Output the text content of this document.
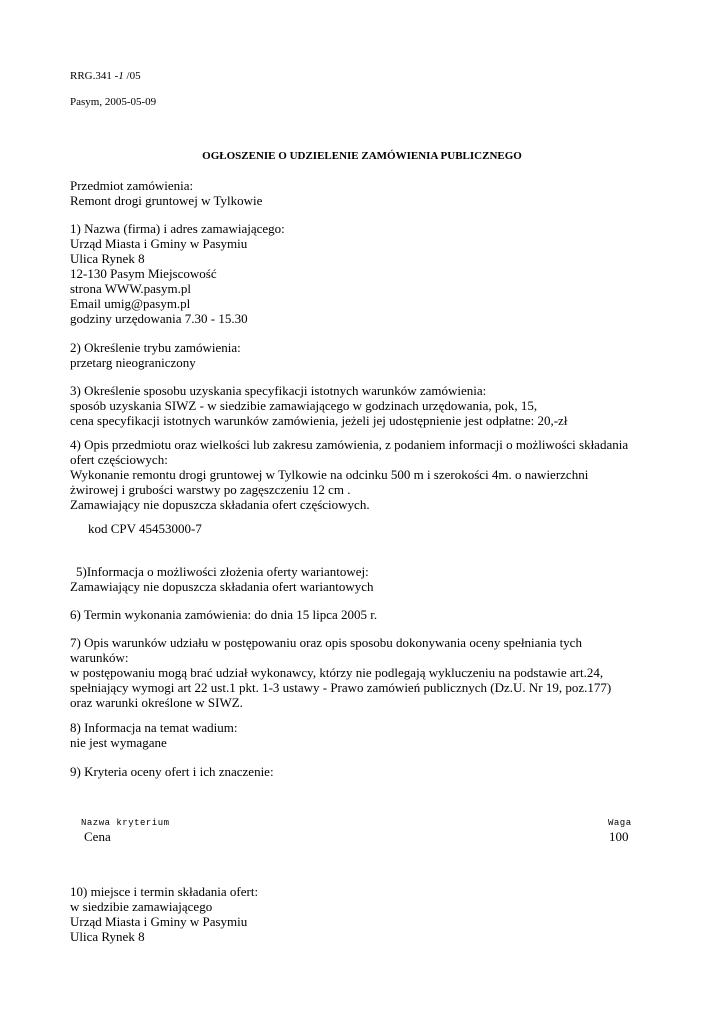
RRG.341 -1 /05
Pasym, 2005-05-09
OGŁOSZENIE O UDZIELENIE ZAMÓWIENIA PUBLICZNEGO
Przedmiot zamówienia:
Remont drogi gruntowej w Tylkowie
1) Nazwa (firma) i adres zamawiającego:
Urząd Miasta i Gminy w Pasymiu
Ulica Rynek 8
12-130 Pasym Miejscowość
strona WWW.pasym.pl
Email umig@pasym.pl
godziny urzędowania 7.30 - 15.30
2) Określenie trybu zamówienia:
przetarg nieograniczony
3) Określenie sposobu uzyskania specyfikacji istotnych warunków zamówienia:
sposób uzyskania SIWZ - w siedzibie zamawiającego w godzinach urzędowania, pok, 15,
cena specyfikacji istotnych warunków zamówienia, jeżeli jej udostępnienie jest odpłatne: 20,-zł
4) Opis przedmiotu oraz wielkości lub zakresu zamówienia, z podaniem informacji o możliwości składania
ofert częściowych:
Wykonanie remontu drogi gruntowej w Tylkowie na odcinku 500 m i szerokości 4m. o nawierzchni
żwirowej i grubości warstwy po zagęszczeniu 12 cm .
Zamawiający nie dopuszcza składania ofert częściowych.
kod CPV 45453000-7
5)Informacja o możliwości złożenia oferty wariantowej:
Zamawiający nie dopuszcza składania ofert wariantowych
6) Termin wykonania zamówienia: do dnia 15 lipca 2005 r.
7) Opis warunków udziału w postępowaniu oraz opis sposobu dokonywania oceny spełniania tych
warunków:
w postępowaniu mogą brać udział wykonawcy, którzy nie podlegają wykluczeniu na podstawie art.24,
spełniający wymogi art 22 ust.1 pkt. 1-3 ustawy - Prawo zamówień publicznych (Dz.U. Nr 19, poz.177)
oraz warunki określone w SIWZ.
8) Informacja na temat wadium:
nie jest wymagane
9) Kryteria oceny ofert i ich znaczenie:
Nazwa kryterium	Waga
Cena	100
10) miejsce i termin składania ofert:
w siedzibie zamawiającego
Urząd Miasta i Gminy w Pasymiu
Ulica Rynek 8
